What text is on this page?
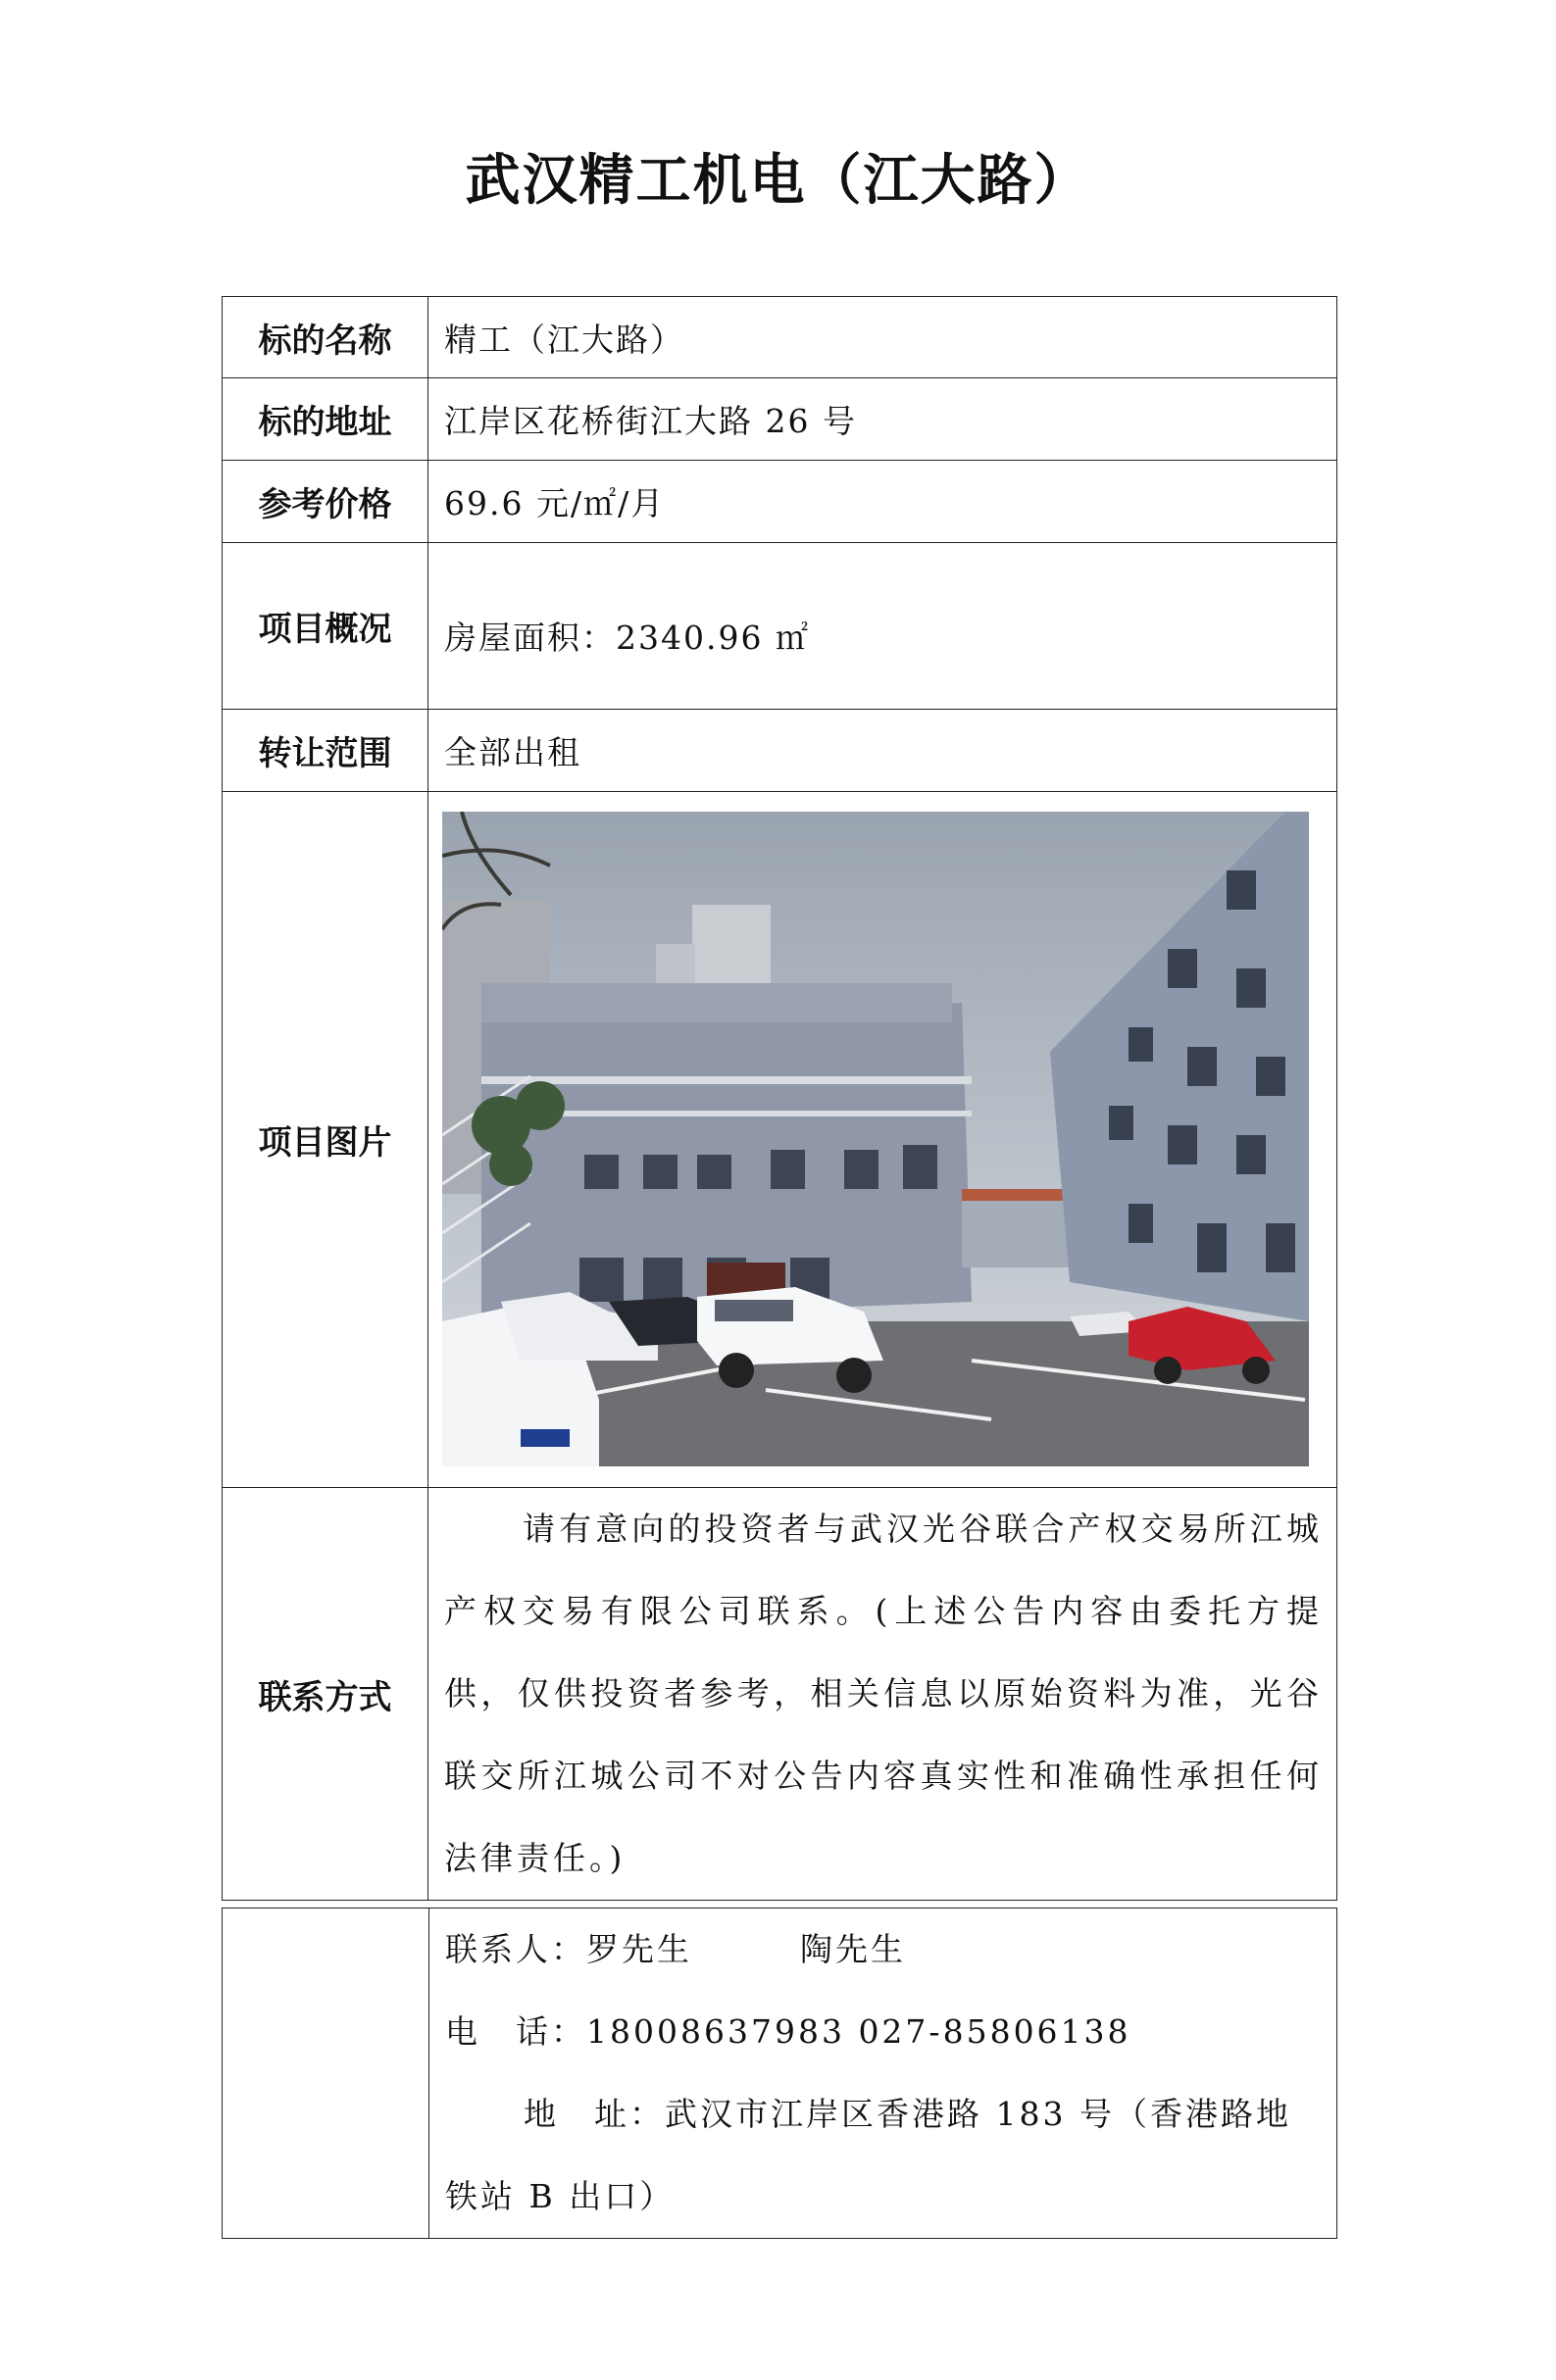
武汉精工机电（江大路）
标的名称	精工（江大路）
标的地址	江岸区花桥街江大路 26 号
参考价格	69.6 元/㎡/月
项目概况	房屋面积：2340.96 ㎡
转让范围	全部出租
项目图片	

联系方式	请有意向的投资者与武汉光谷联合产权交易所江城产权交易有限公司联系。(上述公告内容由委托方提供，仅供投资者参考，相关信息以原始资料为准，光谷联交所江城公司不对公告内容真实性和准确性承担任何法律责任。)

联系人：罗先生	陶先生

电　话：18008637983 027-85806138

地　址：武汉市江岸区香港路 183 号（香港路地铁站 B 出口）
